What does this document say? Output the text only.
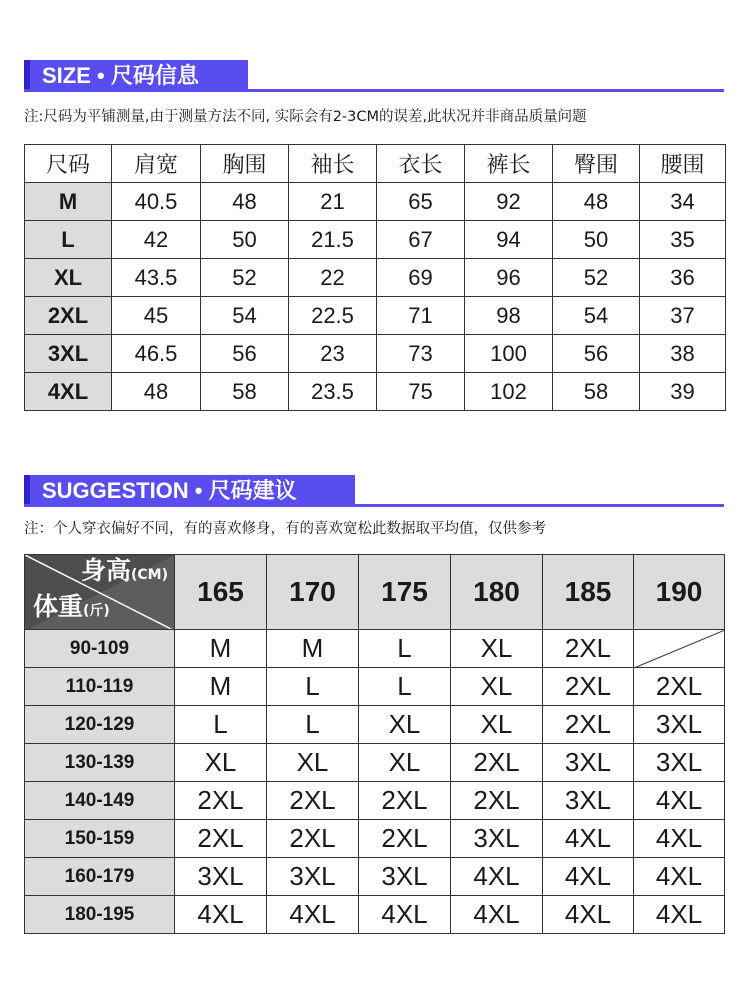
SIZE • 尺码信息
注:尺码为平铺测量,由于测量方法不同, 实际会有2-3CM的误差,此状况并非商品质量问题
尺码	肩宽	胸围	袖长	衣长	裤长	臀围	腰围
M	40.5	48	21	65	92	48	34
L	42	50	21.5	67	94	50	35
XL	43.5	52	22	69	96	52	36
2XL	45	54	22.5	71	98	54	37
3XL	46.5	56	23	73	100	56	38
4XL	48	58	23.5	75	102	58	39
SUGGESTION • 尺码建议
注：个人穿衣偏好不同，有的喜欢修身，有的喜欢宽松此数据取平均值，仅供参考
身高(CM)
体重(斤)	165	170	175	180	185	190
90-109	M	M	L	XL	2XL	

110-119	M	L	L	XL	2XL	2XL
120-129	L	L	XL	XL	2XL	3XL
130-139	XL	XL	XL	2XL	3XL	3XL
140-149	2XL	2XL	2XL	2XL	3XL	4XL
150-159	2XL	2XL	2XL	3XL	4XL	4XL
160-179	3XL	3XL	3XL	4XL	4XL	4XL
180-195	4XL	4XL	4XL	4XL	4XL	4XL
